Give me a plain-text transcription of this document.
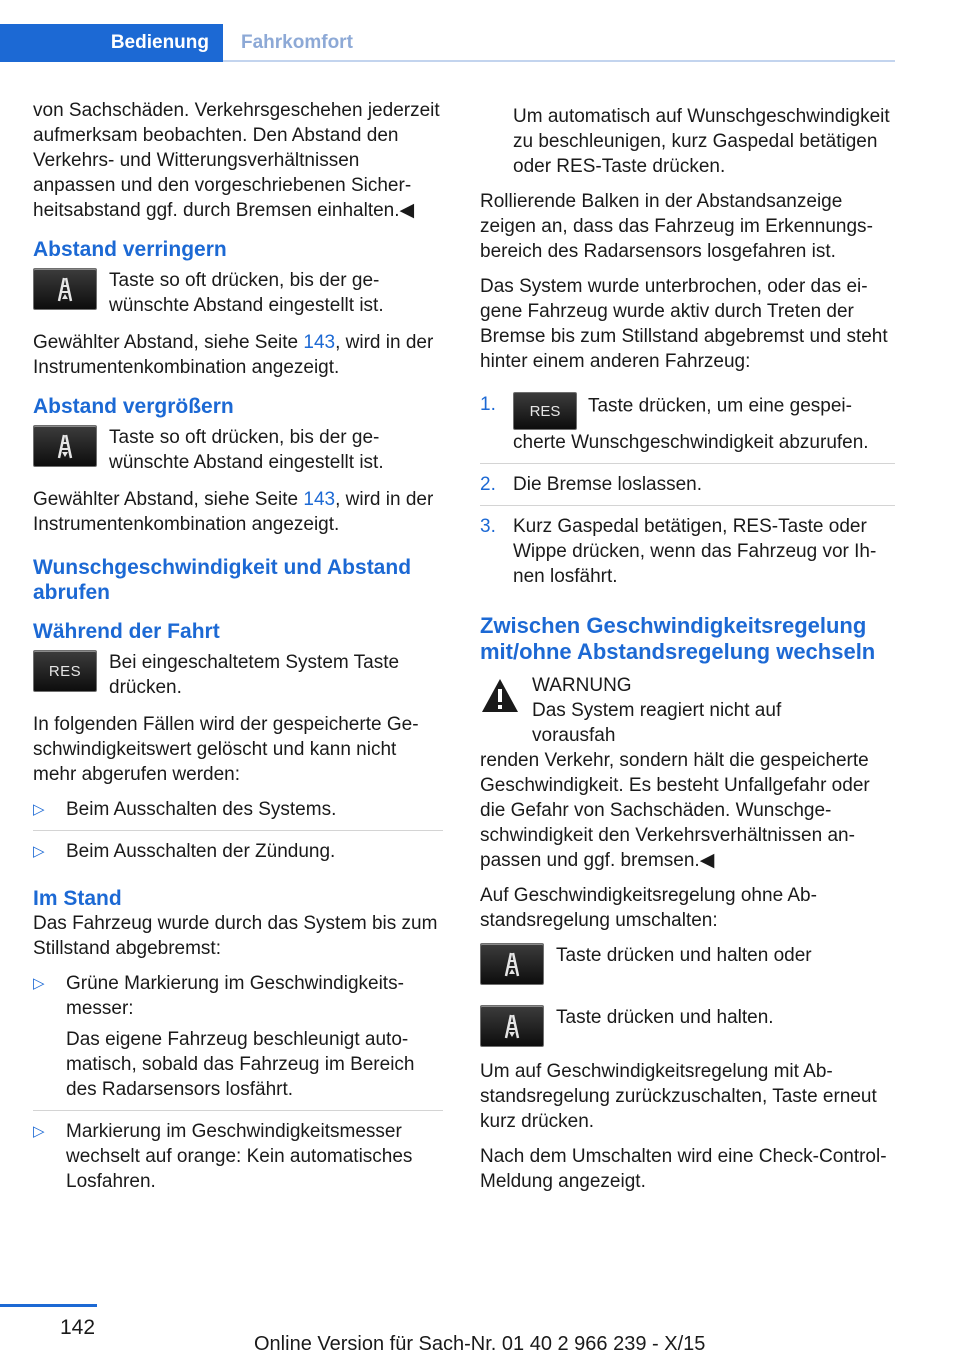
Bedienung	Fahrkomfort

von Sachschäden. Verkehrsgeschehen jederzeit aufmerksam beobachten. Den Abstand den Verkehrs- und Witterungsverhältnissen anpassen und den vorgeschriebenen Sicherheitsabstand ggf. durch Bremsen einhalten.◀

Abstand verringern
Taste so oft drücken, bis der gewünschte Abstand eingestellt ist.

Gewählter Abstand, siehe Seite 143, wird in der Instrumentenkombination angezeigt.

Abstand vergrößern
Taste so oft drücken, bis der gewünschte Abstand eingestellt ist.

Gewählter Abstand, siehe Seite 143, wird in der Instrumentenkombination angezeigt.

Wunschgeschwindigkeit und Abstand abrufen
Während der Fahrt
RES	Bei eingeschaltetem System Taste drücken.

In folgenden Fällen wird der gespeicherte Geschwindigkeitswert gelöscht und kann nicht mehr abgerufen werden:

▷ Beim Ausschalten des Systems.
▷ Beim Ausschalten der Zündung.
Im Stand

Das Fahrzeug wurde durch das System bis zum Stillstand abgebremst:

▷ Grüne Markierung im Geschwindigkeitsmesser:
Das eigene Fahrzeug beschleunigt automatisch, sobald das Fahrzeug im Bereich des Radarsensors losfährt.
▷ Markierung im Geschwindigkeitsmesser wechselt auf orange: Kein automatisches Losfahren.

Um automatisch auf Wunschgeschwindigkeit zu beschleunigen, kurz Gaspedal betätigen oder RES-Taste drücken.

Rollierende Balken in der Abstandsanzeige zeigen an, dass das Fahrzeug im Erkennungsbereich des Radarsensors losgefahren ist.

Das System wurde unterbrochen, oder das eigene Fahrzeug wurde aktiv durch Treten der Bremse bis zum Stillstand abgebremst und steht hinter einem anderen Fahrzeug:

1. RES Taste drücken, um eine gespeicherte Wunschgeschwindigkeit abzurufen.
2. Die Bremse loslassen.
3. Kurz Gaspedal betätigen, RES-Taste oder Wippe drücken, wenn das Fahrzeug vor Ihnen losfährt.
Zwischen Geschwindigkeitsregelung mit/ohne Abstandsregelung wechseln
WARNUNG
Das System reagiert nicht auf vorausfah

renden Verkehr, sondern hält die gespeicherte Geschwindigkeit. Es besteht Unfallgefahr oder die Gefahr von Sachschäden. Wunschgeschwindigkeit den Verkehrsverhältnissen anpassen und ggf. bremsen.◀

Auf Geschwindigkeitsregelung ohne Abstandsregelung umschalten:

Taste drücken und halten oder
Taste drücken und halten.

Um auf Geschwindigkeitsregelung mit Abstandsregelung zurückzuschalten, Taste erneut kurz drücken.

Nach dem Umschalten wird eine Check-Control-Meldung angezeigt.

142
Online Version für Sach-Nr. 01 40 2 966 239 - X/15
